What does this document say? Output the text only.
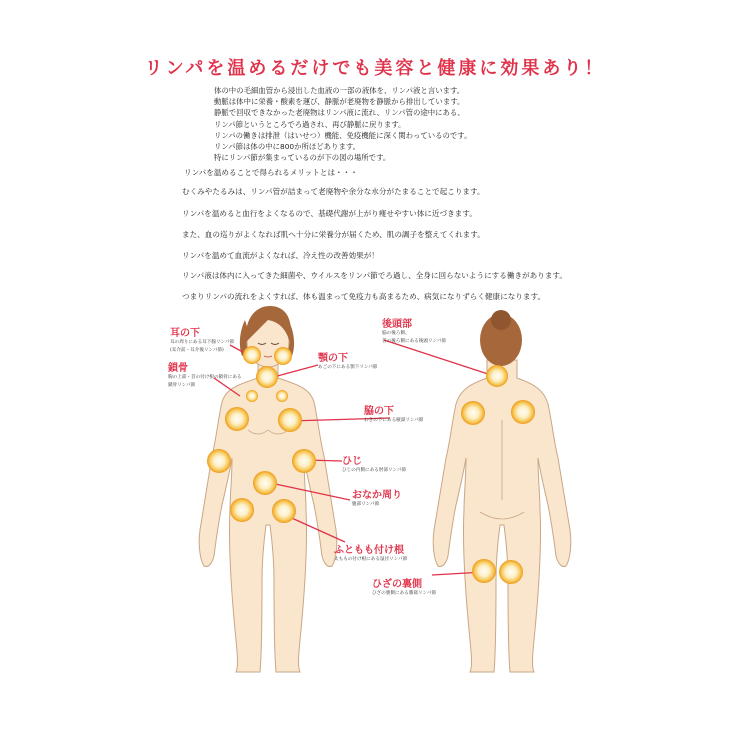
リンパを温めるだけでも美容と健康に効果あり！
体の中の毛細血管から浸出した血液の一部の液体を、リンパ液と言います。
動脈は体中に栄養・酸素を運び、静脈が老廃物を静脈から排出しています。
静脈で回収できなかった老廃物はリンパ液に流れ、リンパ管の途中にある、
リンパ節というところでろ過され、再び静脈に戻ります。
リンパの働きは排泄（はいせつ）機能、免疫機能に深く関わっているのです。
リンパ節は体の中に800か所ほどあります。
特にリンパ節が集まっているのが下の図の場所です。
リンパを温めることで得られるメリットとは・・・
むくみやたるみは、リンパ管が詰まって老廃物や余分な水分がたまることで起こります。
リンパを温めると血行をよくなるので、基礎代謝が上がり痩せやすい体に近づきます。
また、血の巡りがよくなれば肌へ十分に栄養分が届くため、肌の調子を整えてくれます。
リンパを温めて血流がよくなれば、冷え性の改善効果が！
リンパ液は体内に入ってきた細菌や、ウイルスをリンパ節でろ過し、全身に回らないようにする働きがあります。
つまりリンパの流れをよくすれば、体も温まって免疫力も高まるため、病気になりずらく健康になります。
耳の下
耳の周りにある耳下腺リンパ節
(耳介前・耳介後リンパ節)
鎖骨
胸の上部・首の付け根の鎖骨にある
鎖骨リンパ節
顎の下
あごの下にある顎下リンパ節
脇の下
わきの下にある腋窩リンパ節
ひじ
ひじの内側にある肘部リンパ節
おなか周り
腹部リンパ節
ふともも付け根
太ももの付け根にある鼠径リンパ節
後頭部
脳の後ろ側、
首の後ろ側にある後頭リンパ節
ひざの裏側
ひざの裏側にある膝窩リンパ節
